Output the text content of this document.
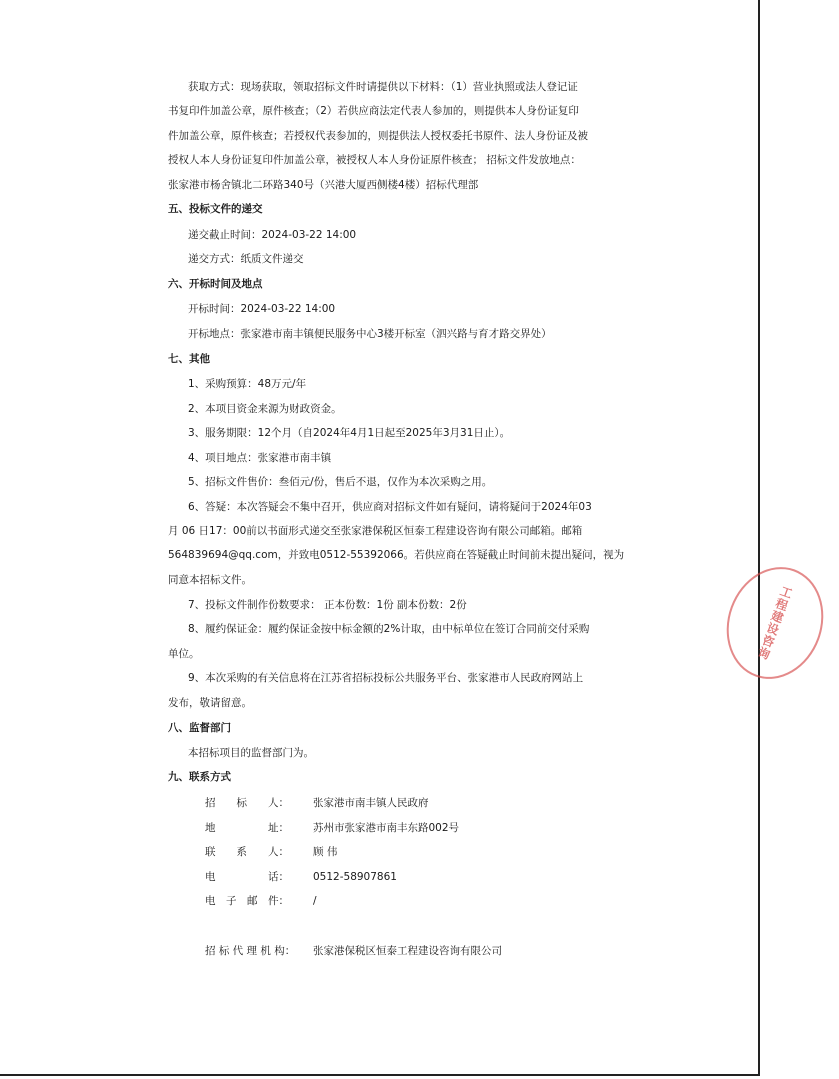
获取方式：现场获取，领取招标文件时请提供以下材料：（1）营业执照或法人登记证
书复印件加盖公章，原件核查；（2）若供应商法定代表人参加的，则提供本人身份证复印
件加盖公章，原件核查；若授权代表参加的，则提供法人授权委托书原件、法人身份证及被
授权人本人身份证复印件加盖公章，被授权人本人身份证原件核查； 招标文件发放地点：
张家港市杨舍镇北二环路340号（兴港大厦西侧楼4楼）招标代理部
五、投标文件的递交
递交截止时间：2024-03-22 14:00
递交方式：纸质文件递交
六、开标时间及地点
开标时间：2024-03-22 14:00
开标地点：张家港市南丰镇便民服务中心3楼开标室（泗兴路与育才路交界处）
七、其他
1、采购预算：48万元/年
2、本项目资金来源为财政资金。
3、服务期限：12个月（自2024年4月1日起至2025年3月31日止）。
4、项目地点：张家港市南丰镇
5、招标文件售价：叁佰元/份，售后不退，仅作为本次采购之用。
6、答疑：本次答疑会不集中召开，供应商对招标文件如有疑问，请将疑问于2024年03
月 06 日17：00前以书面形式递交至张家港保税区恒泰工程建设咨询有限公司邮箱。邮箱
564839694@qq.com，并致电0512-55392066。若供应商在答疑截止时间前未提出疑问，视为
同意本招标文件。
7、投标文件制作份数要求： 正本份数：1份 副本份数：2份
8、履约保证金：履约保证金按中标金额的2%计取，由中标单位在签订合同前交付采购
单位。
9、本次采购的有关信息将在江苏省招标投标公共服务平台、张家港市人民政府网站上
发布，敬请留意。
八、监督部门
本招标项目的监督部门为。
九、联系方式
招　　标　　人： 张家港市南丰镇人民政府
地　　　　　址： 苏州市张家港市南丰东路002号
联　　系　　人： 顾 伟
电　　　　　话： 0512-58907861
电　子　邮　件： /
招 标 代 理 机 构： 张家港保税区恒泰工程建设咨询有限公司
工程建设咨询
